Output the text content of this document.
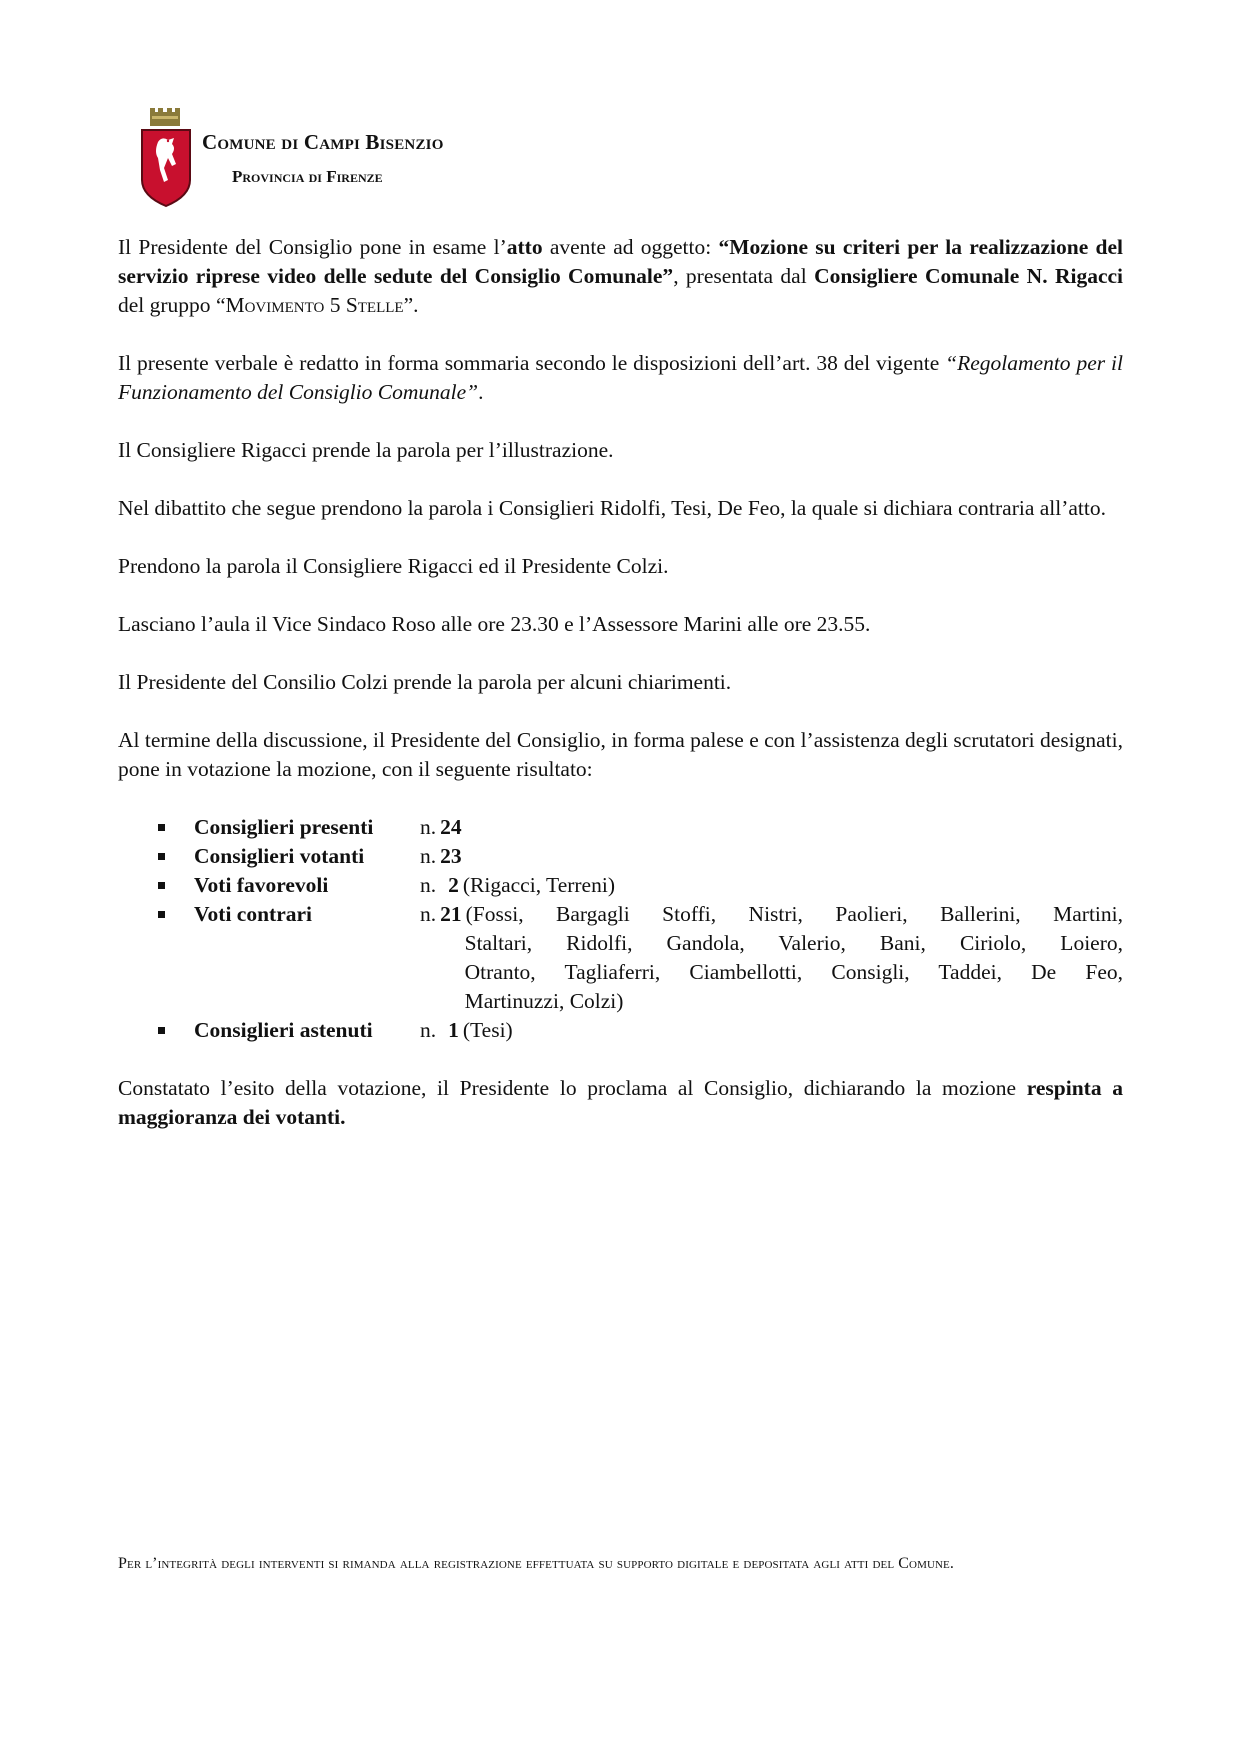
Comune di Campi Bisenzio
Provincia di Firenze

Il Presidente del Consiglio pone in esame l’atto avente ad oggetto: “Mozione su criteri per la realizzazione del servizio riprese video delle sedute del Consiglio Comunale”, presentata dal Consigliere Comunale N. Rigacci del gruppo “Movimento 5 Stelle”.

Il presente verbale è redatto in forma sommaria secondo le disposizioni dell’art. 38 del vigente “Regolamento per il Funzionamento del Consiglio Comunale”.

Il Consigliere Rigacci prende la parola per l’illustrazione.

Nel dibattito che segue prendono la parola i Consiglieri Ridolfi, Tesi, De Feo, la quale si dichiara contraria all’atto.

Prendono la parola il Consigliere Rigacci ed il Presidente Colzi.

Lasciano l’aula il Vice Sindaco Roso alle ore 23.30 e l’Assessore Marini alle ore 23.55.

Il Presidente del Consilio Colzi prende la parola per alcuni chiarimenti.

Al termine della discussione, il Presidente del Consiglio, in forma palese e con l’assistenza degli scrutatori designati, pone in votazione la mozione, con il seguente risultato:

Consiglieri presenti n. 24
Consiglieri votanti	n. 23
Voti favorevoli	n. 2 (Rigacci, Terreni)
Voti contrari	n. 21 (Fossi, Bargagli Stoffi, Nistri, Paolieri, Ballerini, Martini,
Staltari, Ridolfi, Gandola, Valerio, Bani, Ciriolo, Loiero,
Otranto, Tagliaferri, Ciambellotti, Consigli, Taddei, De Feo,
Martinuzzi, Colzi)
Consiglieri astenuti n. 1 (Tesi)

Constatato l’esito della votazione, il Presidente lo proclama al Consiglio, dichiarando la mozione respinta a maggioranza dei votanti.

Per l’integrità degli interventi si rimanda alla registrazione effettuata su supporto digitale e depositata agli atti del Comune.
